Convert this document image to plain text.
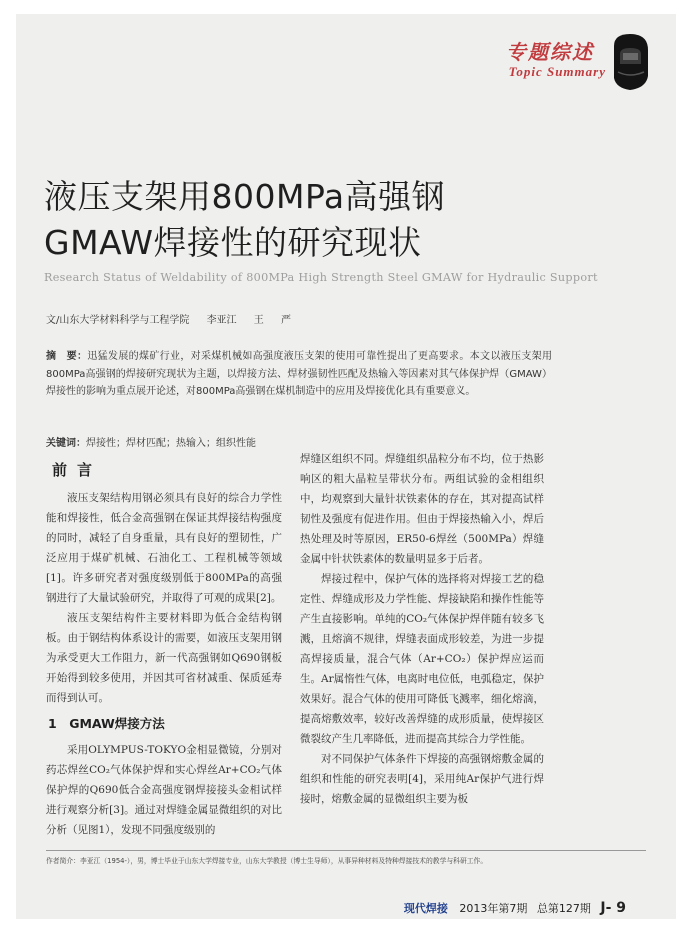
专题综述
Topic Summary
液压支架用800MPa高强钢
GMAW焊接性的研究现状
Research Status of Weldability of 800MPa High Strength Steel GMAW for Hydraulic Support
文/山东大学材料科学与工程学院 李亚江 王 严
摘　要：迅猛发展的煤矿行业，对采煤机械如高强度液压支架的使用可靠性提出了更高要求。本文以液压支架用800MPa高强钢的焊接研究现状为主题，以焊接方法、焊材强韧性匹配及热输入等因素对其气体保护焊（GMAW）焊接性的影响为重点展开论述，对800MPa高强钢在煤机制造中的应用及焊接优化具有重要意义。
关键词：焊接性；焊材匹配；热输入；组织性能
前言

液压支架结构用钢必须具有良好的综合力学性能和焊接性，低合金高强钢在保证其焊接结构强度的同时，减轻了自身重量，具有良好的塑韧性，广泛应用于煤矿机械、石油化工、工程机械等领域[1]。许多研究者对强度级别低于800MPa的高强钢进行了大量试验研究，并取得了可观的成果[2]。

液压支架结构件主要材料即为低合金结构钢板。由于钢结构体系设计的需要，如液压支架用钢为承受更大工作阻力，新一代高强钢如Q690钢板开始得到较多使用，并因其可省材减重、保质延寿而得到认可。

1　GMAW焊接方法

采用OLYMPUS-TOKYO金相显微镜，分别对药芯焊丝CO₂气体保护焊和实心焊丝Ar+CO₂气体保护焊的Q690低合金高强度钢焊接接头金相试样进行观察分析[3]。通过对焊缝金属显微组织的对比分析（见图1），发现不同强度级别的

焊缝区组织不同。焊缝组织晶粒分布不均，位于热影响区的粗大晶粒呈带状分布。两组试验的金相组织中，均观察到大量针状铁素体的存在，其对提高试样韧性及强度有促进作用。但由于焊接热输入小，焊后热处理及时等原因，ER50-6焊丝（500MPa）焊缝金属中针状铁素体的数量明显多于后者。

焊接过程中，保护气体的选择将对焊接工艺的稳定性、焊缝成形及力学性能、焊接缺陷和操作性能等产生直接影响。单纯的CO₂气体保护焊伴随有较多飞溅，且熔滴不规律，焊缝表面成形较差，为进一步提高焊接质量，混合气体（Ar+CO₂）保护焊应运而生。Ar属惰性气体，电离时电位低，电弧稳定，保护效果好。混合气体的使用可降低飞溅率，细化熔滴，提高熔敷效率，较好改善焊缝的成形质量，使焊接区微裂纹产生几率降低，进而提高其综合力学性能。

对不同保护气体条件下焊接的高强钢熔敷金属的组织和性能的研究表明[4]，采用纯Ar保护气进行焊接时，熔敷金属的显微组织主要为板

作者简介：李亚江（1954-），男，博士毕业于山东大学焊接专业，山东大学教授（博士生导师），从事异种材料及特种焊接技术的教学与科研工作。
现代焊接 2013年第7期 总第127期 J- 9
